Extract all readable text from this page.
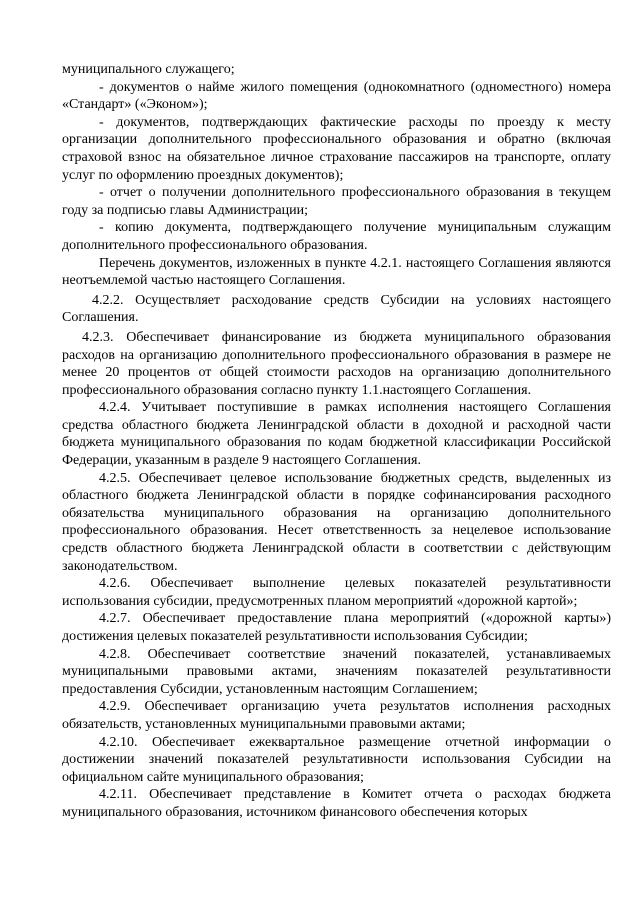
муниципального служащего;

- документов о найме жилого помещения (однокомнатного (одноместного) номера «Стандарт» («Эконом»);

- документов, подтверждающих фактические расходы по проезду к месту организации дополнительного профессионального образования и обратно (включая страховой взнос на обязательное личное страхование пассажиров на транспорте, оплату услуг по оформлению проездных документов);

- отчет о получении дополнительного профессионального образования в текущем году за подписью главы Администрации;

- копию документа, подтверждающего получение муниципальным служащим дополнительного профессионального образования.

Перечень документов, изложенных в пункте 4.2.1. настоящего Соглашения являются неотъемлемой частью настоящего Соглашения.

4.2.2. Осуществляет расходование средств Субсидии на условиях настоящего Соглашения.

4.2.3. Обеспечивает финансирование из бюджета муниципального образования расходов на организацию дополнительного профессионального образования в размере не менее 20 процентов от общей стоимости расходов на организацию дополнительного профессионального образования согласно пункту 1.1.настоящего Соглашения.

4.2.4. Учитывает поступившие в рамках исполнения настоящего Соглашения средства областного бюджета Ленинградской области в доходной и расходной части бюджета муниципального образования по кодам бюджетной классификации Российской Федерации, указанным в разделе 9 настоящего Соглашения.

4.2.5. Обеспечивает целевое использование бюджетных средств, выделенных из областного бюджета Ленинградской области в порядке софинансирования расходного обязательства муниципального образования на организацию дополнительного профессионального образования. Несет ответственность за нецелевое использование средств областного бюджета Ленинградской области в соответствии с действующим законодательством.

4.2.6. Обеспечивает выполнение целевых показателей результативности использования субсидии, предусмотренных планом мероприятий «дорожной картой»;

4.2.7. Обеспечивает предоставление плана мероприятий («дорожной карты») достижения целевых показателей результативности использования Субсидии;

4.2.8. Обеспечивает соответствие значений показателей, устанавливаемых муниципальными правовыми актами, значениям показателей результативности предоставления Субсидии, установленным настоящим Соглашением;

4.2.9. Обеспечивает организацию учета результатов исполнения расходных обязательств, установленных муниципальными правовыми актами;

4.2.10. Обеспечивает ежеквартальное размещение отчетной информации о достижении значений показателей результативности использования Субсидии на официальном сайте муниципального образования;

4.2.11. Обеспечивает представление в Комитет отчета о расходах бюджета муниципального образования, источником финансового обеспечения которых
